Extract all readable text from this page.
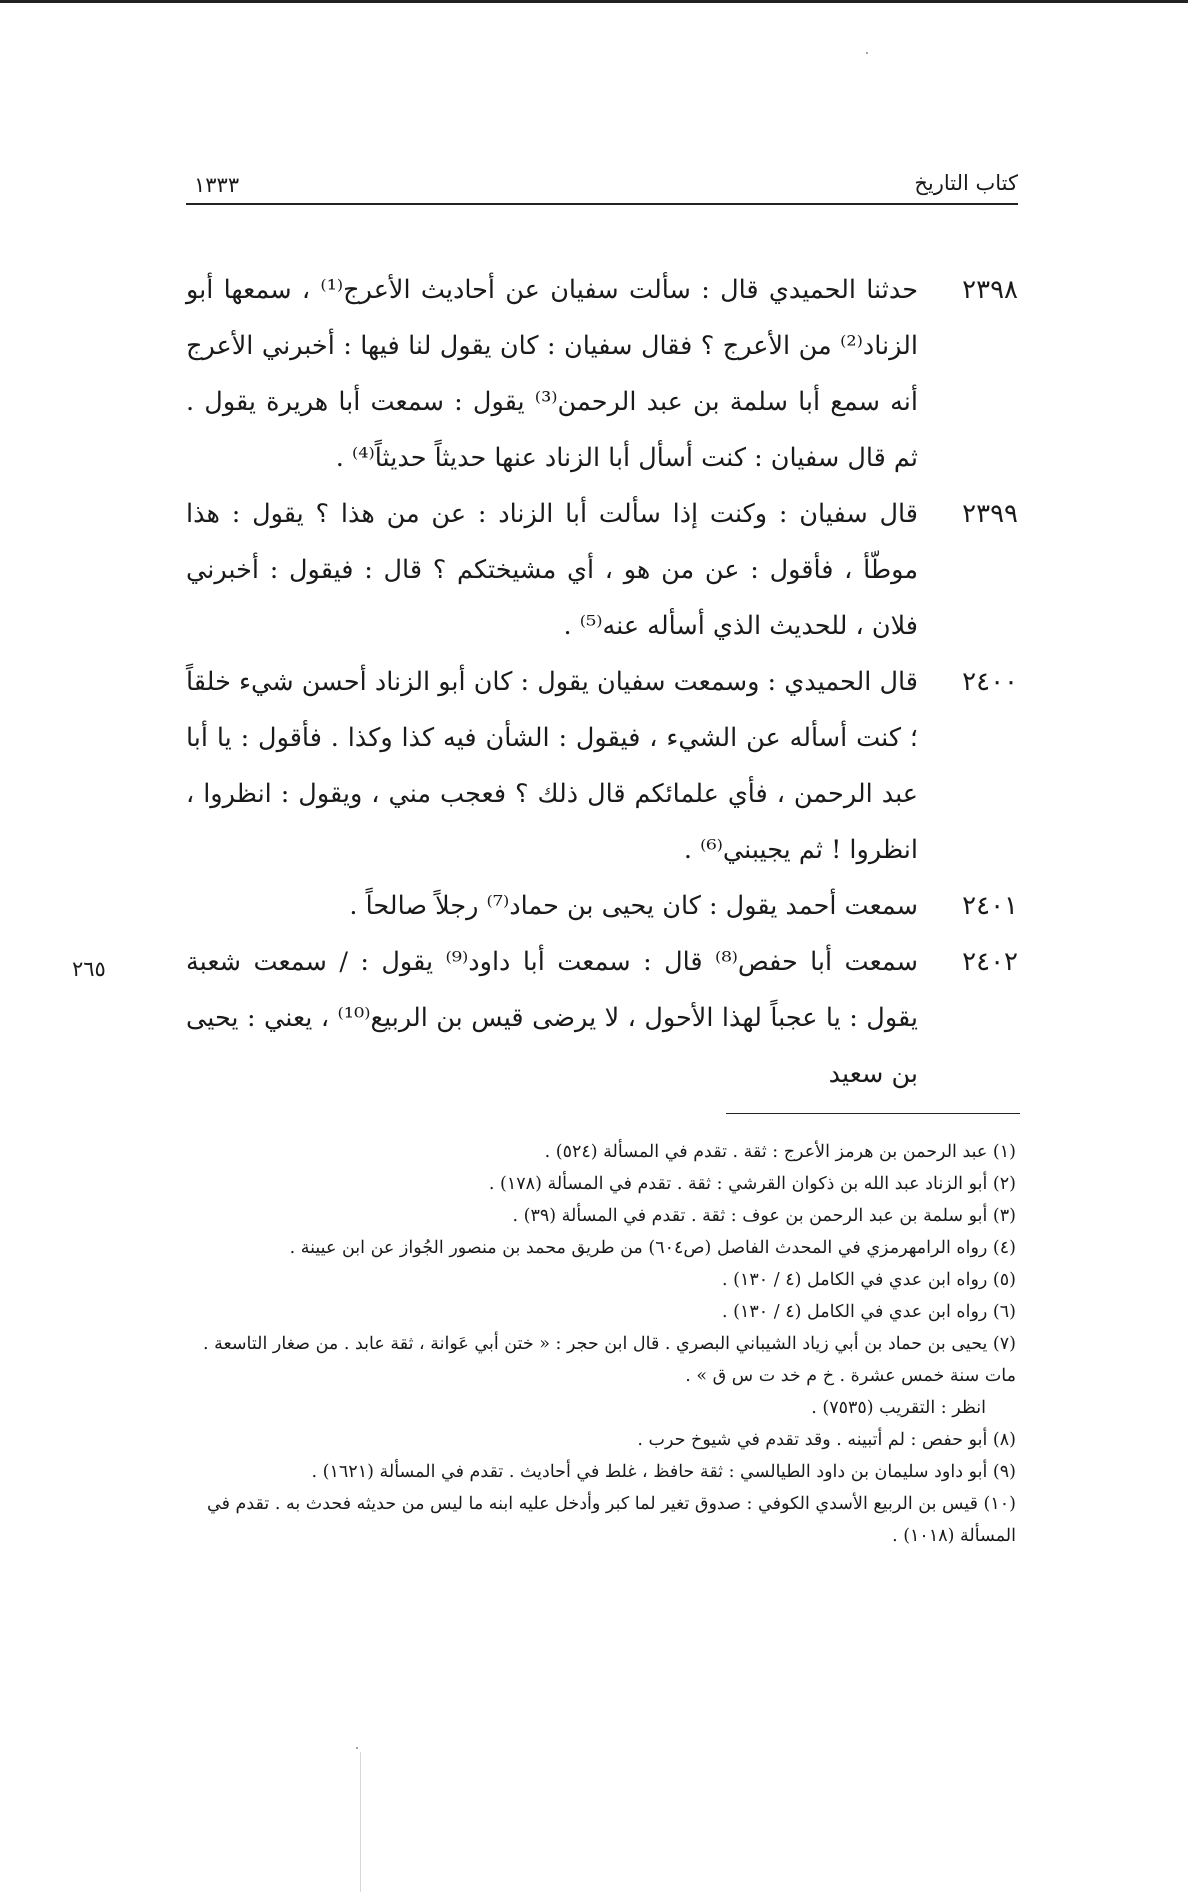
كتاب التاريخ
١٣٣٣
٢٣٩٨
حدثنا الحميدي قال : سألت سفيان عن أحاديث الأعرج⁽¹⁾ ، سمعها أبو الزناد⁽²⁾ من الأعرج ؟ فقال سفيان : كان يقول لنا فيها : أخبرني الأعرج أنه سمع أبا سلمة بن عبد الرحمن⁽³⁾ يقول : سمعت أبا هريرة يقول . ثم قال سفيان : كنت أسأل أبا الزناد عنها حديثاً حديثاً⁽⁴⁾ .
٢٣٩٩
قال سفيان : وكنت إذا سألت أبا الزناد : عن من هذا ؟ يقول : هذا موطّأ ، فأقول : عن من هو ، أي مشيختكم ؟ قال : فيقول : أخبرني فلان ، للحديث الذي أسأله عنه⁽⁵⁾ .
٢٤٠٠
قال الحميدي : وسمعت سفيان يقول : كان أبو الزناد أحسن شيء خلقاً ؛ كنت أسأله عن الشيء ، فيقول : الشأن فيه كذا وكذا . فأقول : يا أبا عبد الرحمن ، فأي علمائكم قال ذلك ؟ فعجب مني ، ويقول : انظروا ، انظروا ! ثم يجيبني⁽⁶⁾ .
٢٤٠١
سمعت أحمد يقول : كان يحيى بن حماد⁽⁷⁾ رجلاً صالحاً .
٢٤٠٢
سمعت أبا حفص⁽⁸⁾ قال : سمعت أبا داود⁽⁹⁾ يقول : / سمعت شعبة يقول : يا عجباً لهذا الأحول ، لا يرضى قيس بن الربيع⁽¹⁰⁾ ، يعني : يحيى بن سعيد
٢٦٥
(١) عبد الرحمن بن هرمز الأعرج : ثقة . تقدم في المسألة (٥٢٤) .
(٢) أبو الزناد عبد الله بن ذكوان القرشي : ثقة . تقدم في المسألة (١٧٨) .
(٣) أبو سلمة بن عبد الرحمن بن عوف : ثقة . تقدم في المسألة (٣٩) .
(٤) رواه الرامهرمزي في المحدث الفاصل (ص٦٠٤) من طريق محمد بن منصور الجُواز عن ابن عيينة .
(٥) رواه ابن عدي في الكامل (٤ / ١٣٠) .
(٦) رواه ابن عدي في الكامل (٤ / ١٣٠) .
(٧) يحيى بن حماد بن أبي زياد الشيباني البصري . قال ابن حجر : « ختن أبي عَوانة ، ثقة عابد . من صغار التاسعة . مات سنة خمس عشرة . خ م خد ت س ق » .
انظر : التقريب (٧٥٣٥) .
(٨) أبو حفص : لم أتبينه . وقد تقدم في شيوخ حرب .
(٩) أبو داود سليمان بن داود الطيالسي : ثقة حافظ ، غلط في أحاديث . تقدم في المسألة (١٦٢١) .
(١٠) قيس بن الربيع الأسدي الكوفي : صدوق تغير لما كبر وأدخل عليه ابنه ما ليس من حديثه فحدث به . تقدم في المسألة (١٠١٨) .
